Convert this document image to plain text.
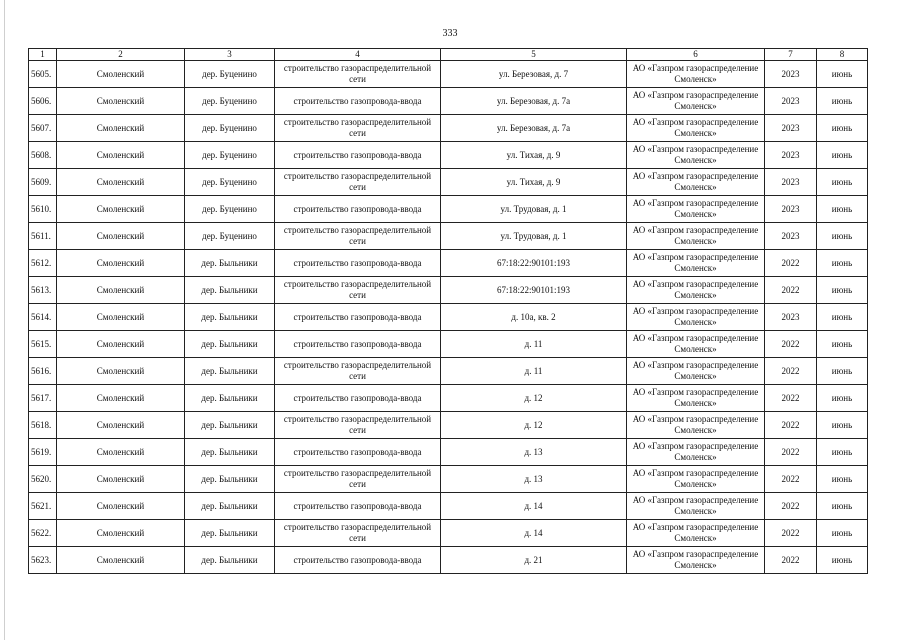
333
1	2	3	4	5	6	7	8
5605.	Смоленский	дер. Буценино	строительство газораспределительной сети	ул. Березовая, д. 7	АО «Газпром газораспределение Смоленск»	2023	июнь
5606.	Смоленский	дер. Буценино	строительство газопровода-ввода	ул. Березовая, д. 7а	АО «Газпром газораспределение Смоленск»	2023	июнь
5607.	Смоленский	дер. Буценино	строительство газораспределительной сети	ул. Березовая, д. 7а	АО «Газпром газораспределение Смоленск»	2023	июнь
5608.	Смоленский	дер. Буценино	строительство газопровода-ввода	ул. Тихая, д. 9	АО «Газпром газораспределение Смоленск»	2023	июнь
5609.	Смоленский	дер. Буценино	строительство газораспределительной сети	ул. Тихая, д. 9	АО «Газпром газораспределение Смоленск»	2023	июнь
5610.	Смоленский	дер. Буценино	строительство газопровода-ввода	ул. Трудовая, д. 1	АО «Газпром газораспределение Смоленск»	2023	июнь
5611.	Смоленский	дер. Буценино	строительство газораспределительной сети	ул. Трудовая, д. 1	АО «Газпром газораспределение Смоленск»	2023	июнь
5612.	Смоленский	дер. Быльники	строительство газопровода-ввода	67:18:22:90101:193	АО «Газпром газораспределение Смоленск»	2022	июнь
5613.	Смоленский	дер. Быльники	строительство газораспределительной сети	67:18:22:90101:193	АО «Газпром газораспределение Смоленск»	2022	июнь
5614.	Смоленский	дер. Быльники	строительство газопровода-ввода	д. 10а, кв. 2	АО «Газпром газораспределение Смоленск»	2023	июнь
5615.	Смоленский	дер. Быльники	строительство газопровода-ввода	д. 11	АО «Газпром газораспределение Смоленск»	2022	июнь
5616.	Смоленский	дер. Быльники	строительство газораспределительной сети	д. 11	АО «Газпром газораспределение Смоленск»	2022	июнь
5617.	Смоленский	дер. Быльники	строительство газопровода-ввода	д. 12	АО «Газпром газораспределение Смоленск»	2022	июнь
5618.	Смоленский	дер. Быльники	строительство газораспределительной сети	д. 12	АО «Газпром газораспределение Смоленск»	2022	июнь
5619.	Смоленский	дер. Быльники	строительство газопровода-ввода	д. 13	АО «Газпром газораспределение Смоленск»	2022	июнь
5620.	Смоленский	дер. Быльники	строительство газораспределительной сети	д. 13	АО «Газпром газораспределение Смоленск»	2022	июнь
5621.	Смоленский	дер. Быльники	строительство газопровода-ввода	д. 14	АО «Газпром газораспределение Смоленск»	2022	июнь
5622.	Смоленский	дер. Быльники	строительство газораспределительной сети	д. 14	АО «Газпром газораспределение Смоленск»	2022	июнь
5623.	Смоленский	дер. Быльники	строительство газопровода-ввода	д. 21	АО «Газпром газораспределение Смоленск»	2022	июнь
